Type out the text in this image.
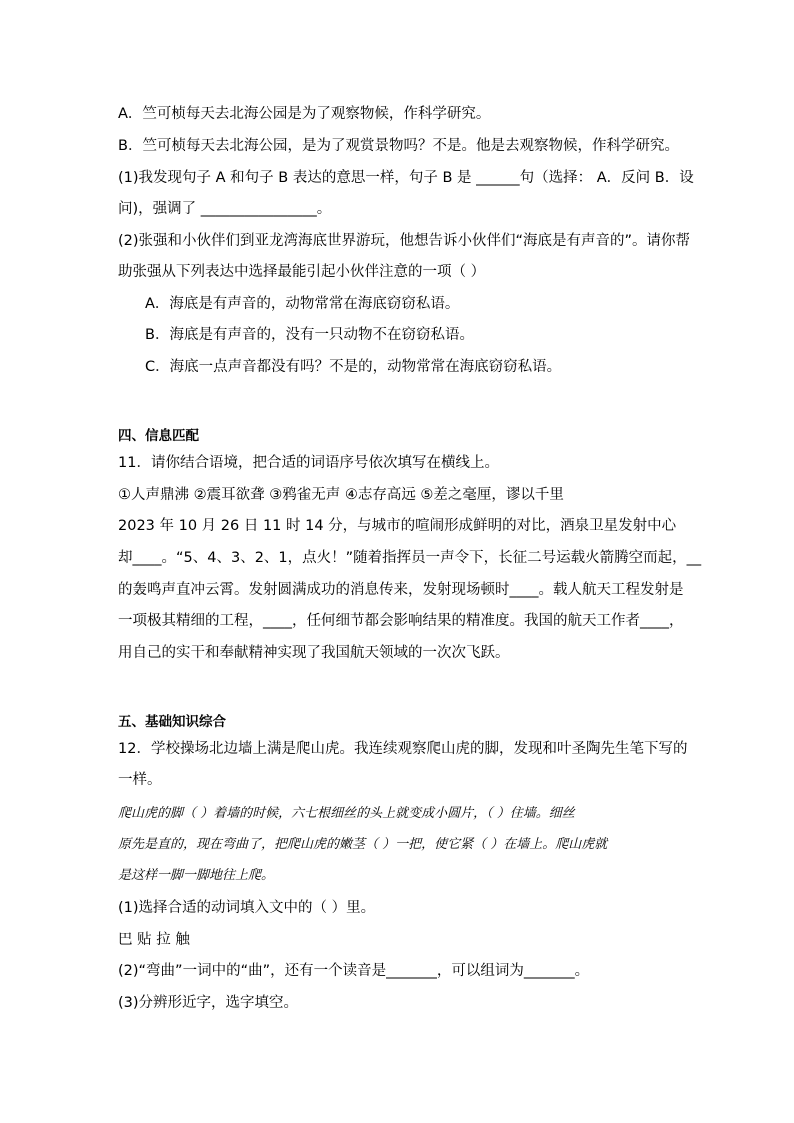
A．竺可桢每天去北海公园是为了观察物候，作科学研究。
B．竺可桢每天去北海公园，是为了观赏景物吗？不是。他是去观察物候，作科学研究。
(1)我发现句子 A 和句子 B 表达的意思一样，句子 B 是 ______句（选择： A．反问 B．设
问)，强调了 ________________。
(2)张强和小伙伴们到亚龙湾海底世界游玩，他想告诉小伙伴们“海底是有声音的”。请你帮
助张强从下列表达中选择最能引起小伙伴注意的一项（ ）
A．海底是有声音的，动物常常在海底窃窃私语。
B．海底是有声音的，没有一只动物不在窃窃私语。
C．海底一点声音都没有吗？不是的，动物常常在海底窃窃私语。
四、信息匹配
11．请你结合语境，把合适的词语序号依次填写在横线上。
①人声鼎沸 ②震耳欲聋 ③鸦雀无声 ④志存高远 ⑤差之毫厘，谬以千里
2023 年 10 月 26 日 11 时 14 分，与城市的喧闹形成鲜明的对比，酒泉卫星发射中心
却____。“5、4、3、2、1，点火！”随着指挥员一声令下，长征二号运载火箭腾空而起，__
的轰鸣声直冲云霄。发射圆满成功的消息传来，发射现场顿时____。载人航天工程发射是
一项极其精细的工程，____，任何细节都会影响结果的精准度。我国的航天工作者____，
用自己的实干和奉献精神实现了我国航天领域的一次次飞跃。
五、基础知识综合
12．学校操场北边墙上满是爬山虎。我连续观察爬山虎的脚，发现和叶圣陶先生笔下写的
一样。
爬山虎的脚（ ）着墙的时候，六七根细丝的头上就变成小圆片，（ ）住墙。细丝
原先是直的，现在弯曲了，把爬山虎的嫩茎（ ）一把，使它紧（ ）在墙上。爬山虎就
是这样一脚一脚地往上爬。
(1)选择合适的动词填入文中的（ ）里。
巴 贴 拉 触
(2)“弯曲”一词中的“曲”，还有一个读音是_______，可以组词为_______。
(3)分辨形近字，选字填空。
